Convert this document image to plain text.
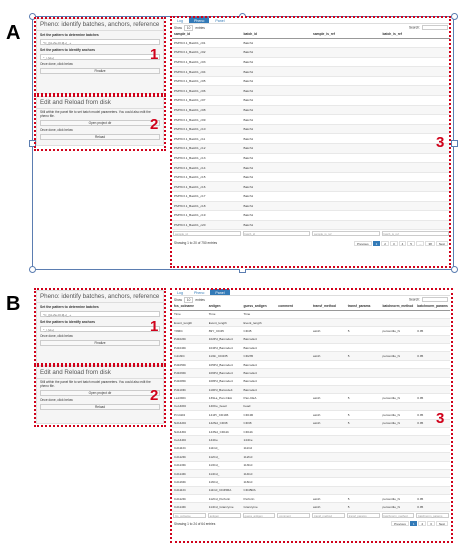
A	Pheno: identify batches, anchors, reference
Set the pattern to determine batches
^C_([A-Za-z0-9]+)_.+
Set the pattern to identify anchors
^_\.(\d+)
Once done, click below
Finalize
Edit and Reload from disk
Still within the panel file to set batch model parameters. You could also edit the pheno file.
Open project dir
Once done, click below
Reload
1
2
Log	Pheno	Panel
Show 10 entries	Search:
sample_id	batch_id	sample_is_ref	batch_is_ref
PMHC3.1_Batch1_c01	Batch1		
PMHC3.1_Batch1_c02	Batch1		
PMHC3.1_Batch1_c03	Batch1		
PMHC3.1_Batch1_c04	Batch1		
PMHC3.1_Batch1_c05	Batch1		
PMHC3.1_Batch1_c06	Batch1		
PMHC3.1_Batch1_c07	Batch1		
PMHC3.1_Batch1_c08	Batch1		
PMHC3.1_Batch1_c09	Batch1		
PMHC3.1_Batch1_c10	Batch1		
PMHC3.1_Batch1_c11	Batch1		
PMHC3.1_Batch1_c12	Batch1		
PMHC3.1_Batch1_c13	Batch1		
PMHC3.1_Batch1_c14	Batch1		
PMHC3.1_Batch1_c15	Batch1		
PMHC3.1_Batch1_c16	Batch1		
PMHC3.1_Batch1_c17	Batch1		
PMHC3.1_Batch1_c18	Batch1		
PMHC3.1_Batch1_c19	Batch1		
PMHC3.1_Batch1_c20	Batch1		

sample_id	batch_id	sample_is_ref	batch_is_ref
Showing 1 to 20 of 750 entries	Previous	1	2	3	4	5	...	38	Next
3
B	Pheno: identify batches, anchors, reference
Set the pattern to determine batches
^C_([A-Za-z0-9]+)_.+
Set the pattern to identify anchors
^_\.(\d+)
Once done, click below
Finalize
Edit and Reload from disk
Still within the panel file to set batch model parameters. You could also edit the pheno file.
Open project dir
Once done, click below
Reload
1
2
Log	Pheno	Panel
Show 10 entries	Search:
fcs_colname	antigen	guess_antigen	comment	transf_method	transf_params	batchnorm_method	batchnorm_params
Time	Time	Time					
Event_length	Event_length	Event_length					
Y89Di	89Y_CD45	CD45		asinh	5	percentile_hi	0.95
Pd102Di	102Pd_Barcode4	Barcode4					
Pd104Di	104Pd_Barcode4	Barcode4					
In113Di	113In_CD235	CD235		asinh	5	percentile_hi	0.95
Pd105Di	105Pd_Barcode4	Barcode4					
Pd106Di	106Pd_Barcode4	Barcode4					
Pd108Di	108Pd_Barcode4	Barcode4					
Pd110Di	110Pd_Barcode4	Barcode4					
La139Di	139La_Pan-CEA	Pan-CEA		asinh	5	percentile_hi	0.95
Ce140Di	140Ce_bead	bead					
Pr141Di	141Pr_CD196	CD196		asinh	5	percentile_hi	0.95
Nd142Di	142Nd_CD38	CD38		asinh	5	percentile_hi	0.95
Nd143Di	143Nd_CD11b	CD11b					
Ce144Di	144Ce	144Ce					
Cd111Di	111Cd_	111Cd					
Cd112Di	112Cd_	112Cd					
Cd113Di	113Cd_	113Cd					
Cd114Di	114Cd_	114Cd					
Cd116Di	116Cd_	116Cd					
Cd111Di	111Cd_CD45RA	CD45RA					
Cd112Di	112Cd_Perforin	Perforin		asinh	5	percentile_hi	0.95
Cd114Di	114Cd_Granzyme	Granzyme		asinh	5	percentile_hi	0.95

fcs_colname	antigen	guess_antigen	comment	transf_method	transf_params	batchnorm_method	batchnorm_params
Showing 1 to 24 of 64 entries	Previous	1	2	3	Next
3
